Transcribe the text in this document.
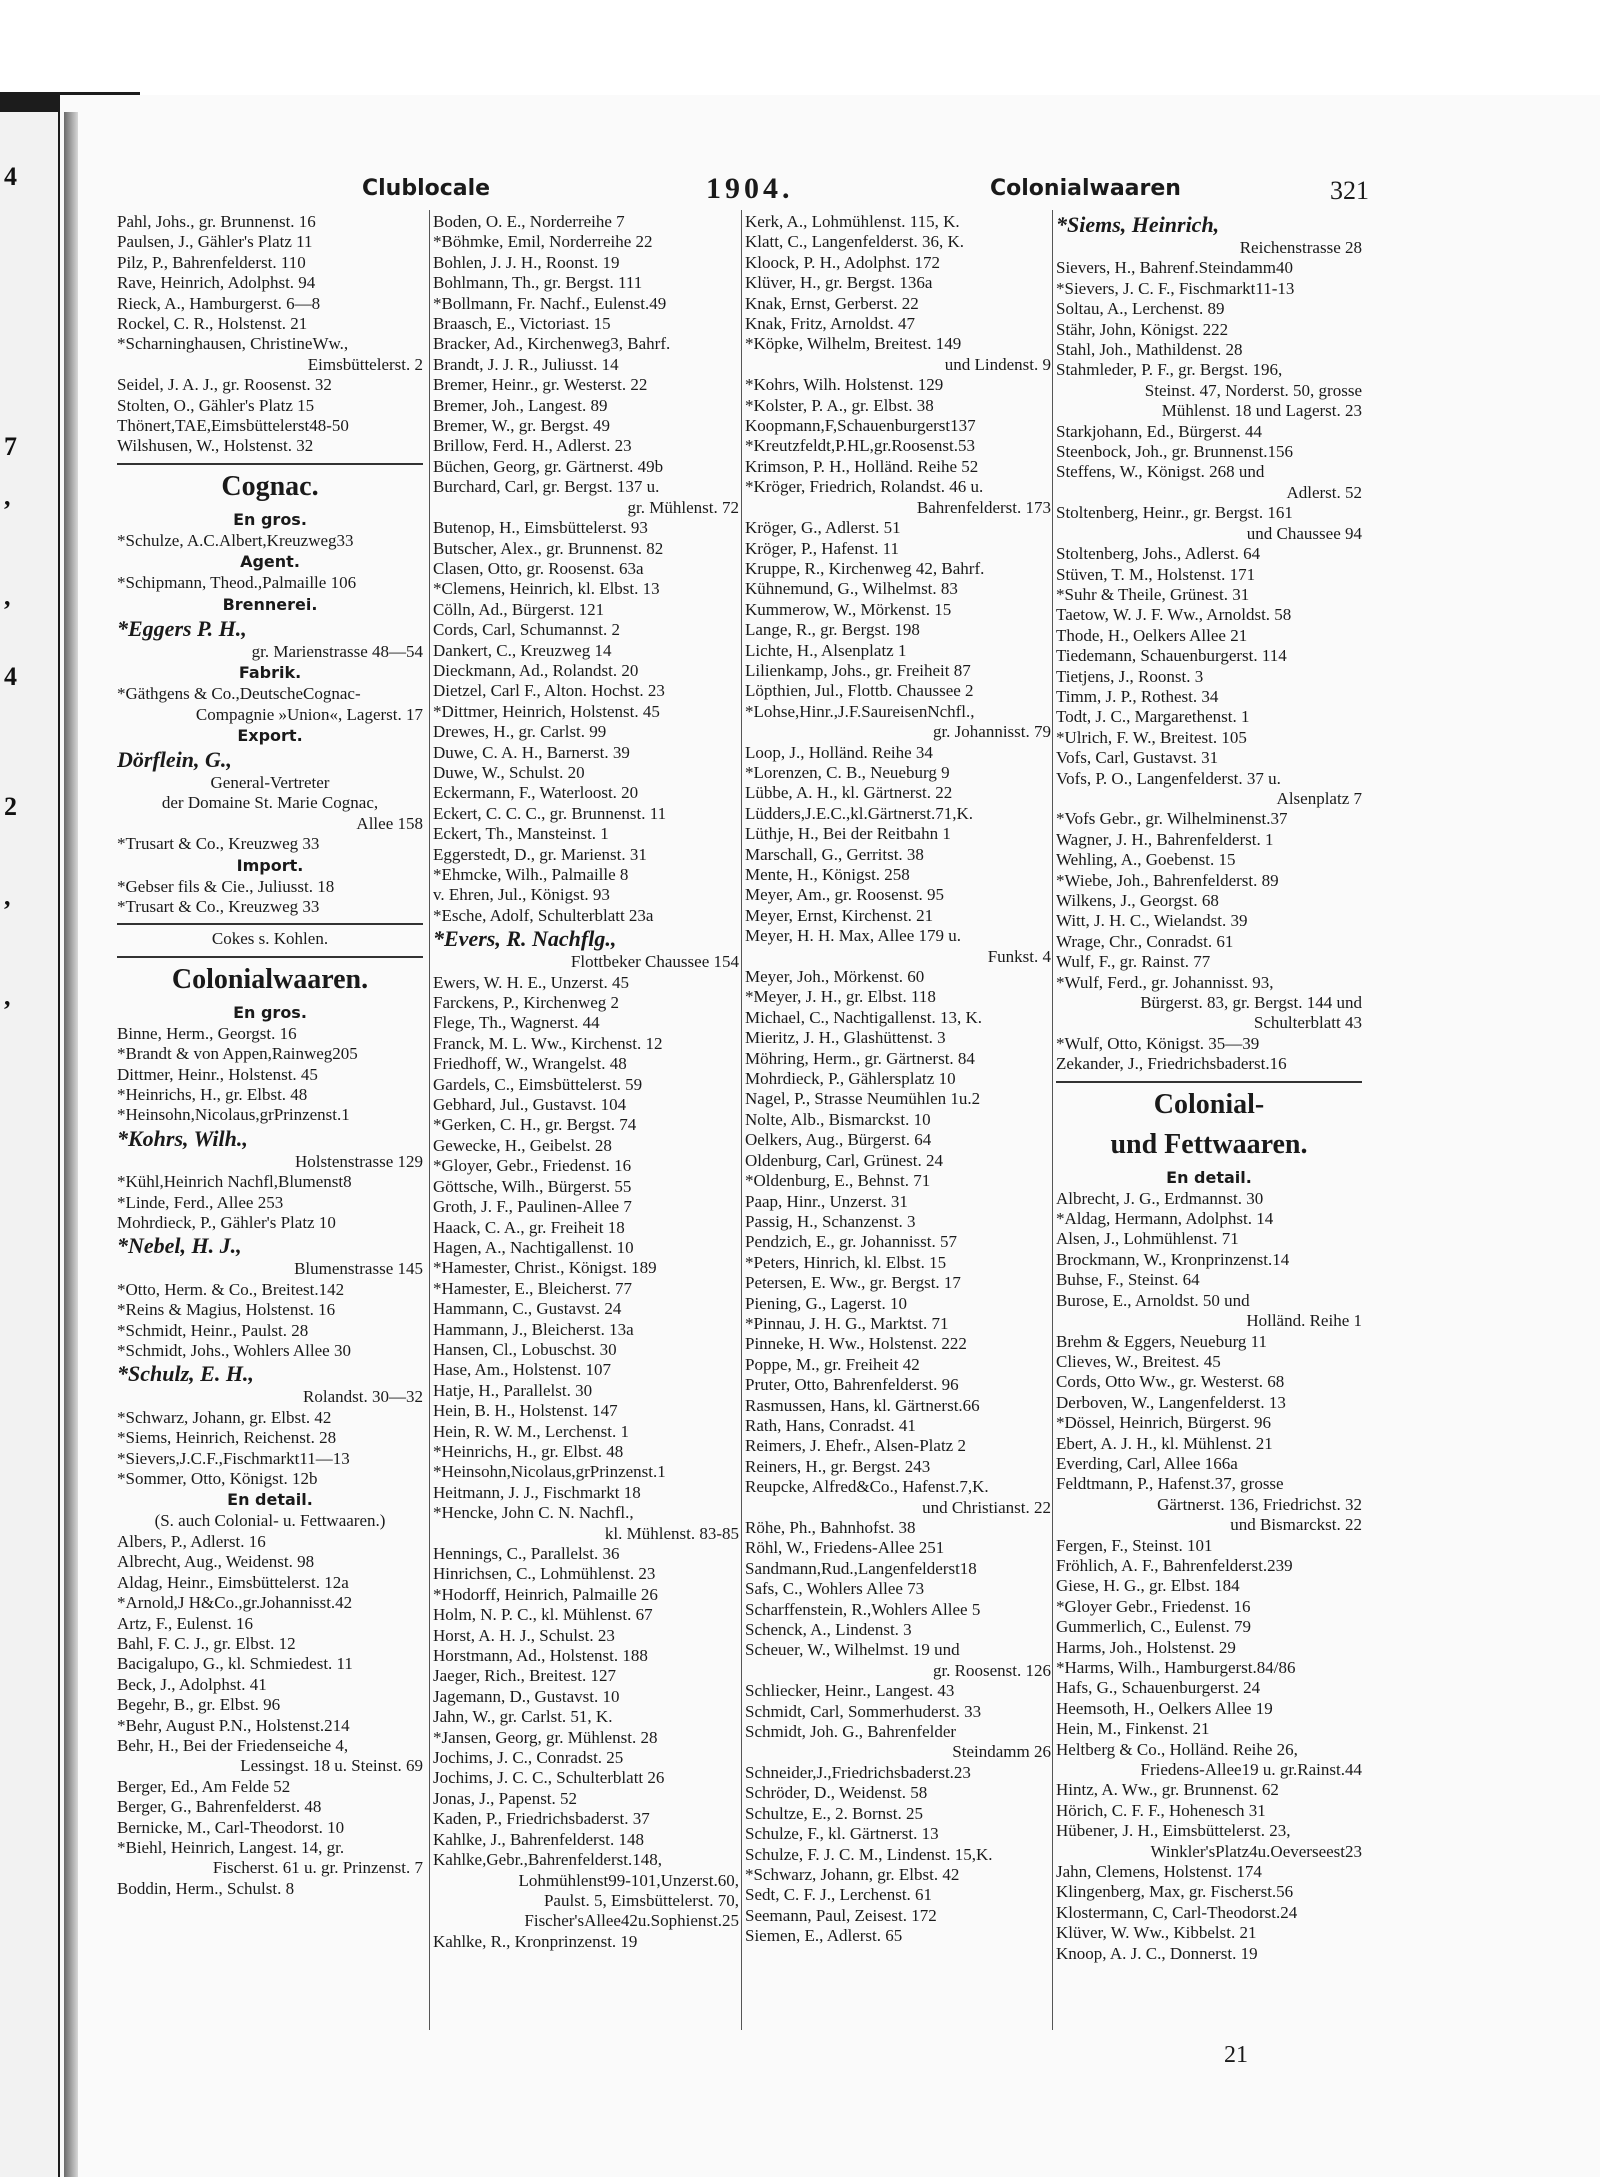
4
7
,
,
4
2
,
,
Clublocale	1904.	Colonialwaaren	321
Pahl, Johs., gr. Brunnenst. 16
Paulsen, J., Gähler's Platz 11
Pilz, P., Bahrenfelderst. 110
Rave, Heinrich, Adolphst. 94
Rieck, A., Hamburgerst. 6—8
Rockel, C. R., Holstenst. 21
*Scharninghausen, ChristineWw.,
Eimsbüttelerst. 2
Seidel, J. A. J., gr. Roosenst. 32
Stolten, O., Gähler's Platz 15
Thönert,TAE,Eimsbüttelerst48-50
Wilshusen, W., Holstenst. 32
Cognac.
En gros.
*Schulze, A.C.Albert,Kreuzweg33
Agent.
*Schipmann, Theod.,Palmaille 106
Brennerei.
*Eggers P. H.,
gr. Marienstrasse 48—54
Fabrik.
*Gäthgens & Co.,DeutscheCognac-
Compagnie »Union«, Lagerst. 17
Export.
Dörflein, G.,
General-Vertreter
der Domaine St. Marie Cognac,
Allee 158
*Trusart & Co., Kreuzweg 33
Import.
*Gebser fils & Cie., Juliusst. 18
*Trusart & Co., Kreuzweg 33
Cokes s. Kohlen.
Colonialwaaren.
En gros.
Binne, Herm., Georgst. 16
*Brandt & von Appen,Rainweg205
Dittmer, Heinr., Holstenst. 45
*Heinrichs, H., gr. Elbst. 48
*Heinsohn,Nicolaus,grPrinzenst.1
*Kohrs, Wilh.,
Holstenstrasse 129
*Kühl,Heinrich Nachfl,Blumenst8
*Linde, Ferd., Allee 253
Mohrdieck, P., Gähler's Platz 10
*Nebel, H. J.,
Blumenstrasse 145
*Otto, Herm. & Co., Breitest.142
*Reins & Magius, Holstenst. 16
*Schmidt, Heinr., Paulst. 28
*Schmidt, Johs., Wohlers Allee 30
*Schulz, E. H.,
Rolandst. 30—32
*Schwarz, Johann, gr. Elbst. 42
*Siems, Heinrich, Reichenst. 28
*Sievers,J.C.F.,Fischmarkt11—13
*Sommer, Otto, Königst. 12b
En detail.
(S. auch Colonial- u. Fettwaaren.)
Albers, P., Adlerst. 16
Albrecht, Aug., Weidenst. 98
Aldag, Heinr., Eimsbüttelerst. 12a
*Arnold,J H&Co.,gr.Johannisst.42
Artz, F., Eulenst. 16
Bahl, F. C. J., gr. Elbst. 12
Bacigalupo, G., kl. Schmiedest. 11
Beck, J., Adolphst. 41
Begehr, B., gr. Elbst. 96
*Behr, August P.N., Holstenst.214
Behr, H., Bei der Friedenseiche 4,
Lessingst. 18 u. Steinst. 69
Berger, Ed., Am Felde 52
Berger, G., Bahrenfelderst. 48
Bernicke, M., Carl-Theodorst. 10
*Biehl, Heinrich, Langest. 14, gr.
Fischerst. 61 u. gr. Prinzenst. 7
Boddin, Herm., Schulst. 8
Boden, O. E., Norderreihe 7
*Böhmke, Emil, Norderreihe 22
Bohlen, J. J. H., Roonst. 19
Bohlmann, Th., gr. Bergst. 111
*Bollmann, Fr. Nachf., Eulenst.49
Braasch, E., Victoriast. 15
Bracker, Ad., Kirchenweg3, Bahrf.
Brandt, J. J. R., Juliusst. 14
Bremer, Heinr., gr. Westerst. 22
Bremer, Joh., Langest. 89
Bremer, W., gr. Bergst. 49
Brillow, Ferd. H., Adlerst. 23
Büchen, Georg, gr. Gärtnerst. 49b
Burchard, Carl, gr. Bergst. 137 u.
gr. Mühlenst. 72
Butenop, H., Eimsbüttelerst. 93
Butscher, Alex., gr. Brunnenst. 82
Clasen, Otto, gr. Roosenst. 63a
*Clemens, Heinrich, kl. Elbst. 13
Cölln, Ad., Bürgerst. 121
Cords, Carl, Schumannst. 2
Dankert, C., Kreuzweg 14
Dieckmann, Ad., Rolandst. 20
Dietzel, Carl F., Alton. Hochst. 23
*Dittmer, Heinrich, Holstenst. 45
Drewes, H., gr. Carlst. 99
Duwe, C. A. H., Barnerst. 39
Duwe, W., Schulst. 20
Eckermann, F., Waterloost. 20
Eckert, C. C. C., gr. Brunnenst. 11
Eckert, Th., Mansteinst. 1
Eggerstedt, D., gr. Marienst. 31
*Ehmcke, Wilh., Palmaille 8
v. Ehren, Jul., Königst. 93
*Esche, Adolf, Schulterblatt 23a
*Evers, R. Nachflg.,
Flottbeker Chaussee 154
Ewers, W. H. E., Unzerst. 45
Farckens, P., Kirchenweg 2
Flege, Th., Wagnerst. 44
Franck, M. L. Ww., Kirchenst. 12
Friedhoff, W., Wrangelst. 48
Gardels, C., Eimsbüttelerst. 59
Gebhard, Jul., Gustavst. 104
*Gerken, C. H., gr. Bergst. 74
Gewecke, H., Geibelst. 28
*Gloyer, Gebr., Friedenst. 16
Göttsche, Wilh., Bürgerst. 55
Groth, J. F., Paulinen-Allee 7
Haack, C. A., gr. Freiheit 18
Hagen, A., Nachtigallenst. 10
*Hamester, Christ., Königst. 189
*Hamester, E., Bleicherst. 77
Hammann, C., Gustavst. 24
Hammann, J., Bleicherst. 13a
Hansen, Cl., Lobuschst. 30
Hase, Am., Holstenst. 107
Hatje, H., Parallelst. 30
Hein, B. H., Holstenst. 147
Hein, R. W. M., Lerchenst. 1
*Heinrichs, H., gr. Elbst. 48
*Heinsohn,Nicolaus,grPrinzenst.1
Heitmann, J. J., Fischmarkt 18
*Hencke, John C. N. Nachfl.,
kl. Mühlenst. 83-85
Hennings, C., Parallelst. 36
Hinrichsen, C., Lohmühlenst. 23
*Hodorff, Heinrich, Palmaille 26
Holm, N. P. C., kl. Mühlenst. 67
Horst, A. H. J., Schulst. 23
Horstmann, Ad., Holstenst. 188
Jaeger, Rich., Breitest. 127
Jagemann, D., Gustavst. 10
Jahn, W., gr. Carlst. 51, K.
*Jansen, Georg, gr. Mühlenst. 28
Jochims, J. C., Conradst. 25
Jochims, J. C. C., Schulterblatt 26
Jonas, J., Papenst. 52
Kaden, P., Friedrichsbaderst. 37
Kahlke, J., Bahrenfelderst. 148
Kahlke,Gebr.,Bahrenfelderst.148,
Lohmühlenst99-101,Unzerst.60,
Paulst. 5, Eimsbüttelerst. 70,
Fischer'sAllee42u.Sophienst.25
Kahlke, R., Kronprinzenst. 19
Kerk, A., Lohmühlenst. 115, K.
Klatt, C., Langenfelderst. 36, K.
Kloock, P. H., Adolphst. 172
Klüver, H., gr. Bergst. 136a
Knak, Ernst, Gerberst. 22
Knak, Fritz, Arnoldst. 47
*Köpke, Wilhelm, Breitest. 149
und Lindenst. 9
*Kohrs, Wilh. Holstenst. 129
*Kolster, P. A., gr. Elbst. 38
Koopmann,F,Schauenburgerst137
*Kreutzfeldt,P.HL,gr.Roosenst.53
Krimson, P. H., Holländ. Reihe 52
*Kröger, Friedrich, Rolandst. 46 u.
Bahrenfelderst. 173
Kröger, G., Adlerst. 51
Kröger, P., Hafenst. 11
Kruppe, R., Kirchenweg 42, Bahrf.
Kühnemund, G., Wilhelmst. 83
Kummerow, W., Mörkenst. 15
Lange, R., gr. Bergst. 198
Lichte, H., Alsenplatz 1
Lilienkamp, Johs., gr. Freiheit 87
Löpthien, Jul., Flottb. Chaussee 2
*Lohse,Hinr.,J.F.SaureisenNchfl.,
gr. Johannisst. 79
Loop, J., Holländ. Reihe 34
*Lorenzen, C. B., Neueburg 9
Lübbe, A. H., kl. Gärtnerst. 22
Lüdders,J.E.C.,kl.Gärtnerst.71,K.
Lüthje, H., Bei der Reitbahn 1
Marschall, G., Gerritst. 38
Mente, H., Königst. 258
Meyer, Am., gr. Roosenst. 95
Meyer, Ernst, Kirchenst. 21
Meyer, H. H. Max, Allee 179 u.
Funkst. 4
Meyer, Joh., Mörkenst. 60
*Meyer, J. H., gr. Elbst. 118
Michael, C., Nachtigallenst. 13, K.
Mieritz, J. H., Glashüttenst. 3
Möhring, Herm., gr. Gärtnerst. 84
Mohrdieck, P., Gählersplatz 10
Nagel, P., Strasse Neumühlen 1u.2
Nolte, Alb., Bismarckst. 10
Oelkers, Aug., Bürgerst. 64
Oldenburg, Carl, Grünest. 24
*Oldenburg, E., Behnst. 71
Paap, Hinr., Unzerst. 31
Passig, H., Schanzenst. 3
Pendzich, E., gr. Johannisst. 57
*Peters, Hinrich, kl. Elbst. 15
Petersen, E. Ww., gr. Bergst. 17
Piening, G., Lagerst. 10
*Pinnau, J. H. G., Marktst. 71
Pinneke, H. Ww., Holstenst. 222
Poppe, M., gr. Freiheit 42
Pruter, Otto, Bahrenfelderst. 96
Rasmussen, Hans, kl. Gärtnerst.66
Rath, Hans, Conradst. 41
Reimers, J. Ehefr., Alsen-Platz 2
Reiners, H., gr. Bergst. 243
Reupcke, Alfred&Co., Hafenst.7,K.
und Christianst. 22
Röhe, Ph., Bahnhofst. 38
Röhl, W., Friedens-Allee 251
Sandmann,Rud.,Langenfelderst18
Safs, C., Wohlers Allee 73
Scharffenstein, R.,Wohlers Allee 5
Schenck, A., Lindenst. 3
Scheuer, W., Wilhelmst. 19 und
gr. Roosenst. 126
Schliecker, Heinr., Langest. 43
Schmidt, Carl, Sommerhuderst. 33
Schmidt, Joh. G., Bahrenfelder
Steindamm 26
Schneider,J.,Friedrichsbaderst.23
Schröder, D., Weidenst. 58
Schultze, E., 2. Bornst. 25
Schulze, F., kl. Gärtnerst. 13
Schulze, F. J. C. M., Lindenst. 15,K.
*Schwarz, Johann, gr. Elbst. 42
Sedt, C. F. J., Lerchenst. 61
Seemann, Paul, Zeisest. 172
Siemen, E., Adlerst. 65
*Siems, Heinrich,
Reichenstrasse 28
Sievers, H., Bahrenf.Steindamm40
*Sievers, J. C. F., Fischmarkt11-13
Soltau, A., Lerchenst. 89
Stähr, John, Königst. 222
Stahl, Joh., Mathildenst. 28
Stahmleder, P. F., gr. Bergst. 196,
Steinst. 47, Norderst. 50, grosse
Mühlenst. 18 und Lagerst. 23
Starkjohann, Ed., Bürgerst. 44
Steenbock, Joh., gr. Brunnenst.156
Steffens, W., Königst. 268 und
Adlerst. 52
Stoltenberg, Heinr., gr. Bergst. 161
und Chaussee 94
Stoltenberg, Johs., Adlerst. 64
Stüven, T. M., Holstenst. 171
*Suhr & Theile, Grünest. 31
Taetow, W. J. F. Ww., Arnoldst. 58
Thode, H., Oelkers Allee 21
Tiedemann, Schauenburgerst. 114
Tietjens, J., Roonst. 3
Timm, J. P., Rothest. 34
Todt, J. C., Margarethenst. 1
*Ulrich, F. W., Breitest. 105
Vofs, Carl, Gustavst. 31
Vofs, P. O., Langenfelderst. 37 u.
Alsenplatz 7
*Vofs Gebr., gr. Wilhelminenst.37
Wagner, J. H., Bahrenfelderst. 1
Wehling, A., Goebenst. 15
*Wiebe, Joh., Bahrenfelderst. 89
Wilkens, J., Georgst. 68
Witt, J. H. C., Wielandst. 39
Wrage, Chr., Conradst. 61
Wulf, F., gr. Rainst. 77
*Wulf, Ferd., gr. Johannisst. 93,
Bürgerst. 83, gr. Bergst. 144 und
Schulterblatt 43
*Wulf, Otto, Königst. 35—39
Zekander, J., Friedrichsbaderst.16
Colonial-
und Fettwaaren.
En detail.
Albrecht, J. G., Erdmannst. 30
*Aldag, Hermann, Adolphst. 14
Alsen, J., Lohmühlenst. 71
Brockmann, W., Kronprinzenst.14
Buhse, F., Steinst. 64
Burose, E., Arnoldst. 50 und
Holländ. Reihe 1
Brehm & Eggers, Neueburg 11
Clieves, W., Breitest. 45
Cords, Otto Ww., gr. Westerst. 68
Derboven, W., Langenfelderst. 13
*Dössel, Heinrich, Bürgerst. 96
Ebert, A. J. H., kl. Mühlenst. 21
Everding, Carl, Allee 166a
Feldtmann, P., Hafenst.37, grosse
Gärtnerst. 136, Friedrichst. 32
und Bismarckst. 22
Fergen, F., Steinst. 101
Fröhlich, A. F., Bahrenfelderst.239
Giese, H. G., gr. Elbst. 184
*Gloyer Gebr., Friedenst. 16
Gummerlich, C., Eulenst. 79
Harms, Joh., Holstenst. 29
*Harms, Wilh., Hamburgerst.84/86
Hafs, G., Schauenburgerst. 24
Heemsoth, H., Oelkers Allee 19
Hein, M., Finkenst. 21
Heltberg & Co., Holländ. Reihe 26,
Friedens-Allee19 u. gr.Rainst.44
Hintz, A. Ww., gr. Brunnenst. 62
Hörich, C. F. F., Hohenesch 31
Hübener, J. H., Eimsbüttelerst. 23,
Winkler'sPlatz4u.Oeverseest23
Jahn, Clemens, Holstenst. 174
Klingenberg, Max, gr. Fischerst.56
Klostermann, C, Carl-Theodorst.24
Klüver, W. Ww., Kibbelst. 21
Knoop, A. J. C., Donnerst. 19
21
